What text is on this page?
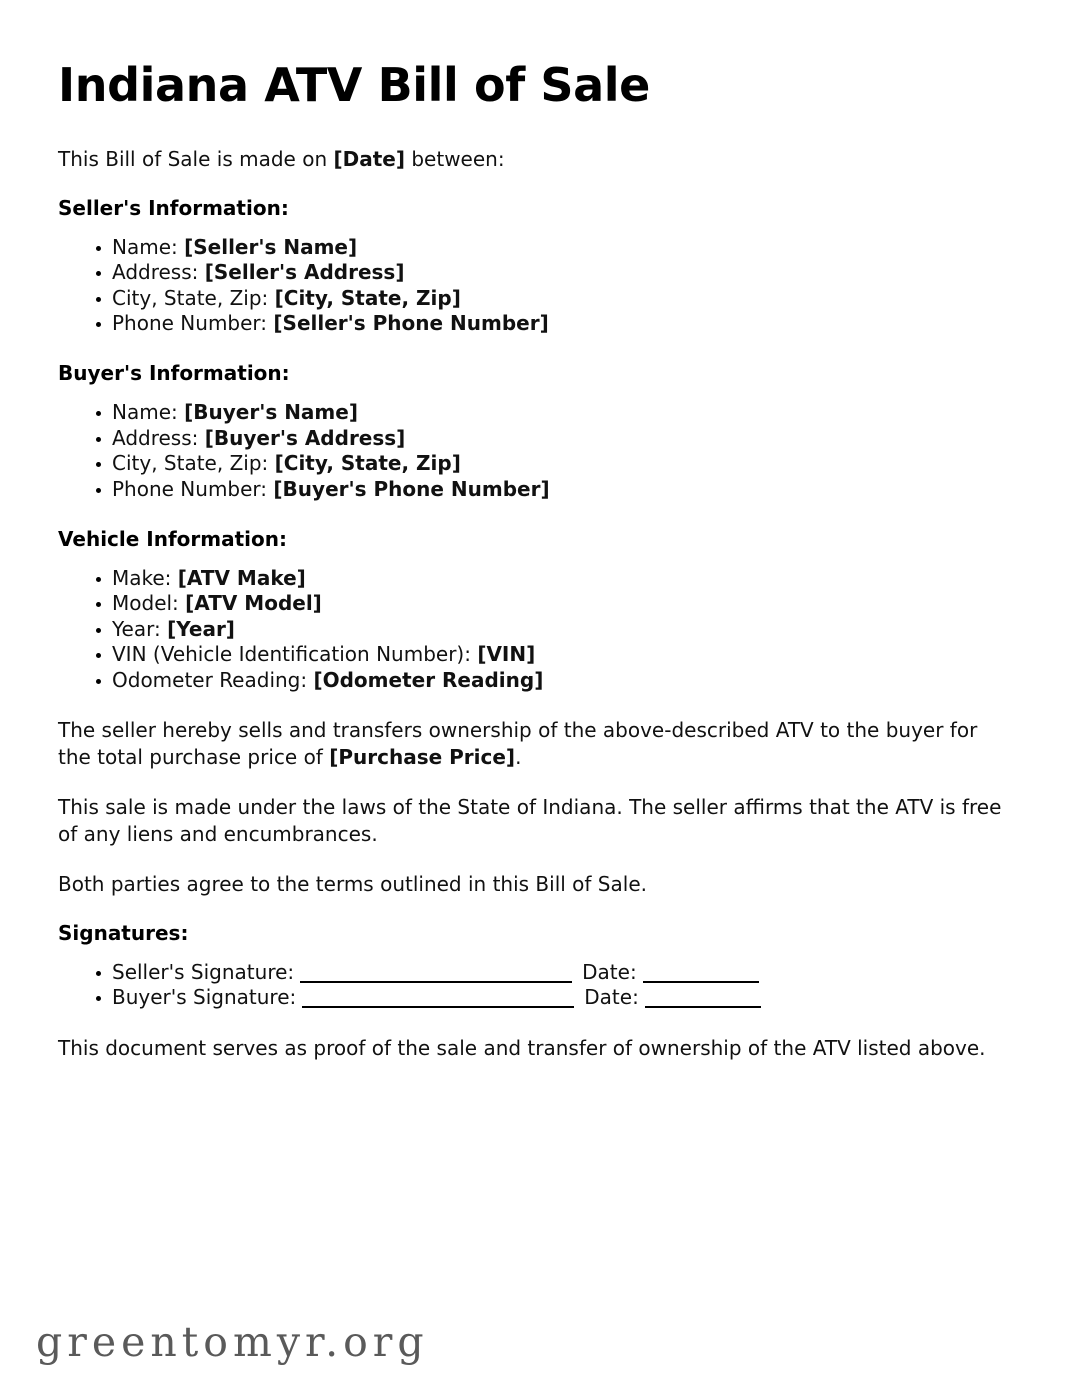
Indiana ATV Bill of Sale

This Bill of Sale is made on [Date] between:

Seller's Information:
Name: [Seller's Name]
Address: [Seller's Address]
City, State, Zip: [City, State, Zip]
Phone Number: [Seller's Phone Number]
Buyer's Information:
Name: [Buyer's Name]
Address: [Buyer's Address]
City, State, Zip: [City, State, Zip]
Phone Number: [Buyer's Phone Number]
Vehicle Information:
Make: [ATV Make]
Model: [ATV Model]
Year: [Year]
VIN (Vehicle Identification Number): [VIN]
Odometer Reading: [Odometer Reading]

The seller hereby sells and transfers ownership of the above-described ATV to the buyer for the total purchase price of [Purchase Price].

This sale is made under the laws of the State of Indiana. The seller affirms that the ATV is free of any liens and encumbrances.

Both parties agree to the terms outlined in this Bill of Sale.

Signatures:
Seller's Signature:	Date:
Buyer's Signature:	Date:

This document serves as proof of the sale and transfer of ownership of the ATV listed above.

greentomyr.org
